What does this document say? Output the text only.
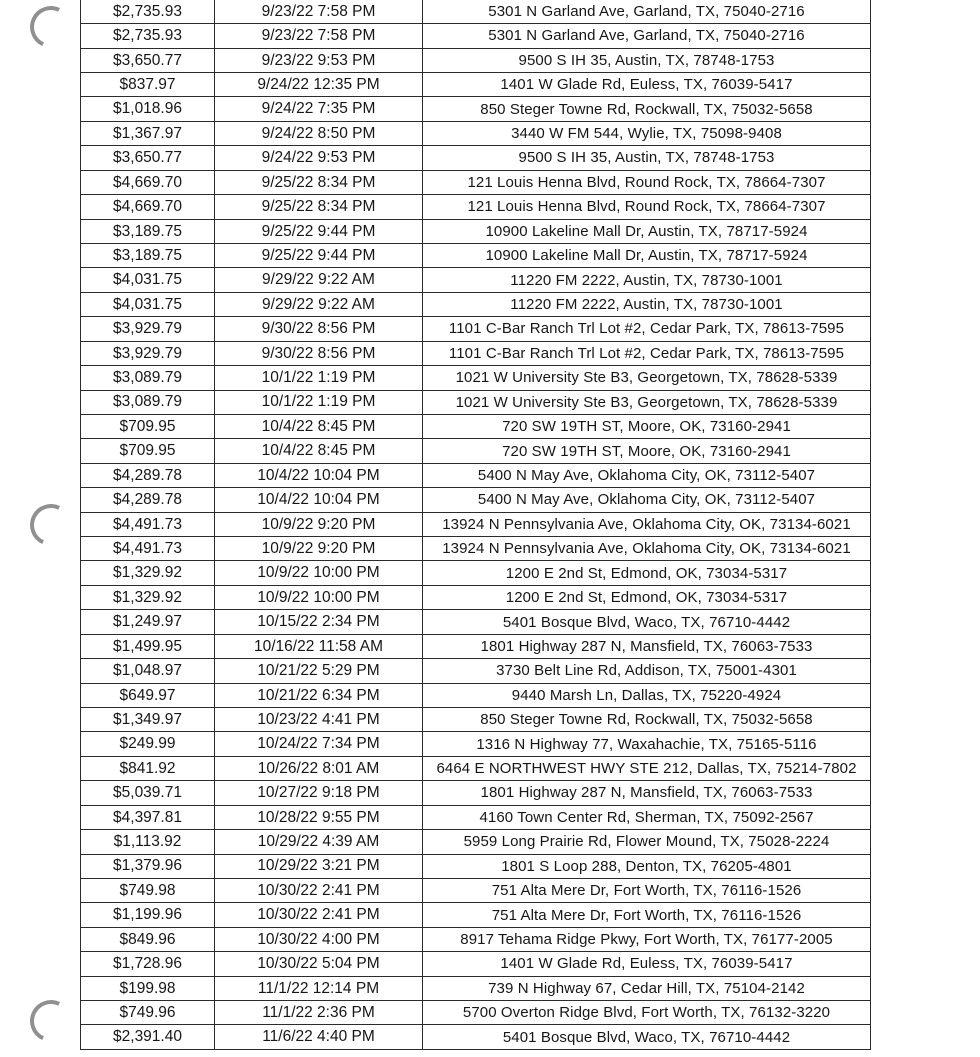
$2,735.93	9/23/22 7:58 PM	5301 N Garland Ave, Garland, TX, 75040-2716
$2,735.93	9/23/22 7:58 PM	5301 N Garland Ave, Garland, TX, 75040-2716
$3,650.77	9/23/22 9:53 PM	9500 S IH 35, Austin, TX, 78748-1753
$837.97	9/24/22 12:35 PM	1401 W Glade Rd, Euless, TX, 76039-5417
$1,018.96	9/24/22 7:35 PM	850 Steger Towne Rd, Rockwall, TX, 75032-5658
$1,367.97	9/24/22 8:50 PM	3440 W FM 544, Wylie, TX, 75098-9408
$3,650.77	9/24/22 9:53 PM	9500 S IH 35, Austin, TX, 78748-1753
$4,669.70	9/25/22 8:34 PM	121 Louis Henna Blvd, Round Rock, TX, 78664-7307
$4,669.70	9/25/22 8:34 PM	121 Louis Henna Blvd, Round Rock, TX, 78664-7307
$3,189.75	9/25/22 9:44 PM	10900 Lakeline Mall Dr, Austin, TX, 78717-5924
$3,189.75	9/25/22 9:44 PM	10900 Lakeline Mall Dr, Austin, TX, 78717-5924
$4,031.75	9/29/22 9:22 AM	11220 FM 2222, Austin, TX, 78730-1001
$4,031.75	9/29/22 9:22 AM	11220 FM 2222, Austin, TX, 78730-1001
$3,929.79	9/30/22 8:56 PM	1101 C-Bar Ranch Trl Lot #2, Cedar Park, TX, 78613-7595
$3,929.79	9/30/22 8:56 PM	1101 C-Bar Ranch Trl Lot #2, Cedar Park, TX, 78613-7595
$3,089.79	10/1/22 1:19 PM	1021 W University Ste B3, Georgetown, TX, 78628-5339
$3,089.79	10/1/22 1:19 PM	1021 W University Ste B3, Georgetown, TX, 78628-5339
$709.95	10/4/22 8:45 PM	720 SW 19TH ST, Moore, OK, 73160-2941
$709.95	10/4/22 8:45 PM	720 SW 19TH ST, Moore, OK, 73160-2941
$4,289.78	10/4/22 10:04 PM	5400 N May Ave, Oklahoma City, OK, 73112-5407
$4,289.78	10/4/22 10:04 PM	5400 N May Ave, Oklahoma City, OK, 73112-5407
$4,491.73	10/9/22 9:20 PM	13924 N Pennsylvania Ave, Oklahoma City, OK, 73134-6021
$4,491.73	10/9/22 9:20 PM	13924 N Pennsylvania Ave, Oklahoma City, OK, 73134-6021
$1,329.92	10/9/22 10:00 PM	1200 E 2nd St, Edmond, OK, 73034-5317
$1,329.92	10/9/22 10:00 PM	1200 E 2nd St, Edmond, OK, 73034-5317
$1,249.97	10/15/22 2:34 PM	5401 Bosque Blvd, Waco, TX, 76710-4442
$1,499.95	10/16/22 11:58 AM	1801 Highway 287 N, Mansfield, TX, 76063-7533
$1,048.97	10/21/22 5:29 PM	3730 Belt Line Rd, Addison, TX, 75001-4301
$649.97	10/21/22 6:34 PM	9440 Marsh Ln, Dallas, TX, 75220-4924
$1,349.97	10/23/22 4:41 PM	850 Steger Towne Rd, Rockwall, TX, 75032-5658
$249.99	10/24/22 7:34 PM	1316 N Highway 77, Waxahachie, TX, 75165-5116
$841.92	10/26/22 8:01 AM	6464 E NORTHWEST HWY STE 212, Dallas, TX, 75214-7802
$5,039.71	10/27/22 9:18 PM	1801 Highway 287 N, Mansfield, TX, 76063-7533
$4,397.81	10/28/22 9:55 PM	4160 Town Center Rd, Sherman, TX, 75092-2567
$1,113.92	10/29/22 4:39 AM	5959 Long Prairie Rd, Flower Mound, TX, 75028-2224
$1,379.96	10/29/22 3:21 PM	1801 S Loop 288, Denton, TX, 76205-4801
$749.98	10/30/22 2:41 PM	751 Alta Mere Dr, Fort Worth, TX, 76116-1526
$1,199.96	10/30/22 2:41 PM	751 Alta Mere Dr, Fort Worth, TX, 76116-1526
$849.96	10/30/22 4:00 PM	8917 Tehama Ridge Pkwy, Fort Worth, TX, 76177-2005
$1,728.96	10/30/22 5:04 PM	1401 W Glade Rd, Euless, TX, 76039-5417
$199.98	11/1/22 12:14 PM	739 N Highway 67, Cedar Hill, TX, 75104-2142
$749.96	11/1/22 2:36 PM	5700 Overton Ridge Blvd, Fort Worth, TX, 76132-3220
$2,391.40	11/6/22 4:40 PM	5401 Bosque Blvd, Waco, TX, 76710-4442
